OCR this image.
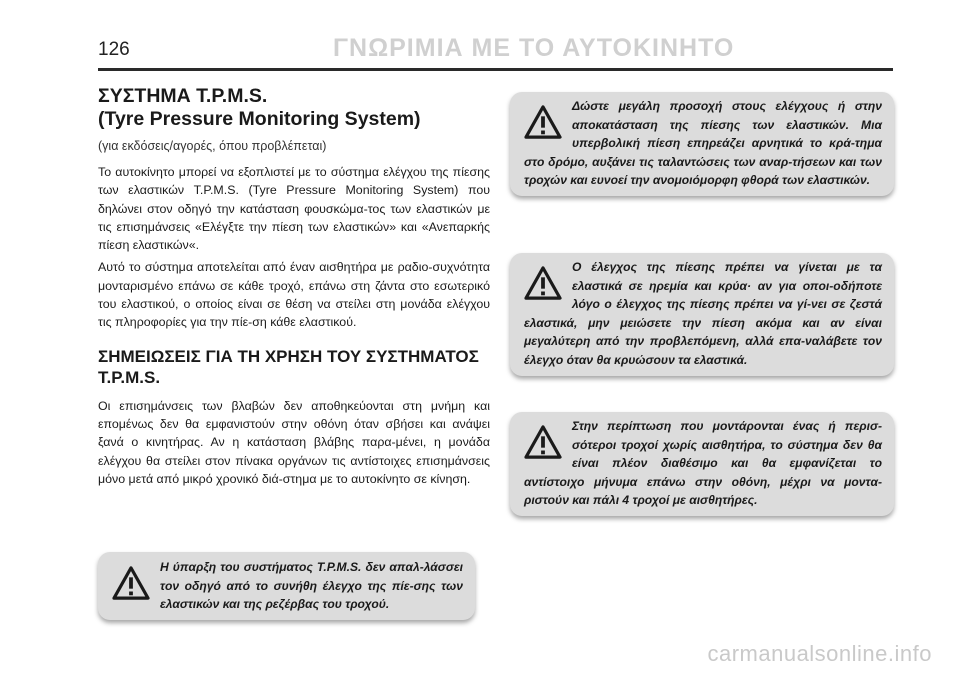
126	ΓΝΩΡΙΜΙΑ ΜΕ ΤΟ ΑΥΤΟΚΙΝΗΤΟ
ΣΥΣΤΗΜΑ T.P.M.S.
(Tyre Pressure Monitoring System)
(για εκδόσεις/αγορές, όπου προβλέπεται)

Το αυτοκίνητο μπορεί να εξοπλιστεί με το σύστημα ελέγχου της πίεσης των ελαστικών T.P.M.S. (Tyre Pressure Monitoring System) που δηλώνει στον οδηγό την κατάσταση φουσκώμα-τος των ελαστικών με τις επισημάνσεις «Ελέγξτε την πίεση των ελαστικών» και «Ανεπαρκής πίεση ελαστικών«.

Αυτό το σύστημα αποτελείται από έναν αισθητήρα με ραδιο-συχνότητα μονταρισμένο επάνω σε κάθε τροχό, επάνω στη ζάντα στο εσωτερικό του ελαστικού, ο οποίος είναι σε θέση να στείλει στη μονάδα ελέγχου τις πληροφορίες για την πίε-ση κάθε ελαστικού.

ΣΗΜΕΙΩΣΕΙΣ ΓΙΑ ΤΗ ΧΡΗΣΗ ΤΟΥ ΣΥΣΤΗΜΑΤΟΣ T.P.M.S.

Οι επισημάνσεις των βλαβών δεν αποθηκεύονται στη μνήμη και επομένως δεν θα εμφανιστούν στην οθόνη όταν σβήσει και ανάψει ξανά ο κινητήρας. Αν η κατάσταση βλάβης παρα-μένει, η μονάδα ελέγχου θα στείλει στον πίνακα οργάνων τις αντίστοιχες επισημάνσεις μόνο μετά από μικρό χρονικό διά-στημα με το αυτοκίνητο σε κίνηση.

Η ύπαρξη του συστήματος T.P.M.S. δεν απαλ-λάσσει τον οδηγό από το συνήθη έλεγχο της πίε-σης των ελαστικών και της ρεζέρβας του τροχού.
Δώστε μεγάλη προσοχή στους ελέγχους ή στην αποκατάσταση της πίεσης των ελαστικών. Μια υπερβολική πίεση επηρεάζει αρνητικά το κρά-τημα στο δρόμο, αυξάνει τις ταλαντώσεις των αναρ-τήσεων και των τροχών και ευνοεί την ανομοιόμορφη φθορά των ελαστικών.
Ο έλεγχος της πίεσης πρέπει να γίνεται με τα ελαστικά σε ηρεμία και κρύα· αν για οποι-οδήποτε λόγο ο έλεγχος της πίεσης πρέπει να γί-νει σε ζεστά ελαστικά, μην μειώσετε την πίεση ακόμα και αν είναι μεγαλύτερη από την προβλεπόμενη, αλλά επα-ναλάβετε τον έλεγχο όταν θα κρυώσουν τα ελαστικά.
Στην περίπτωση που μοντάρονται ένας ή περισ-σότεροι τροχοί χωρίς αισθητήρα, το σύστημα δεν θα είναι πλέον διαθέσιμο και θα εμφανίζεται το αντίστοιχο μήνυμα επάνω στην οθόνη, μέχρι να μοντα-ριστούν και πάλι 4 τροχοί με αισθητήρες.
carmanualsonline.info
